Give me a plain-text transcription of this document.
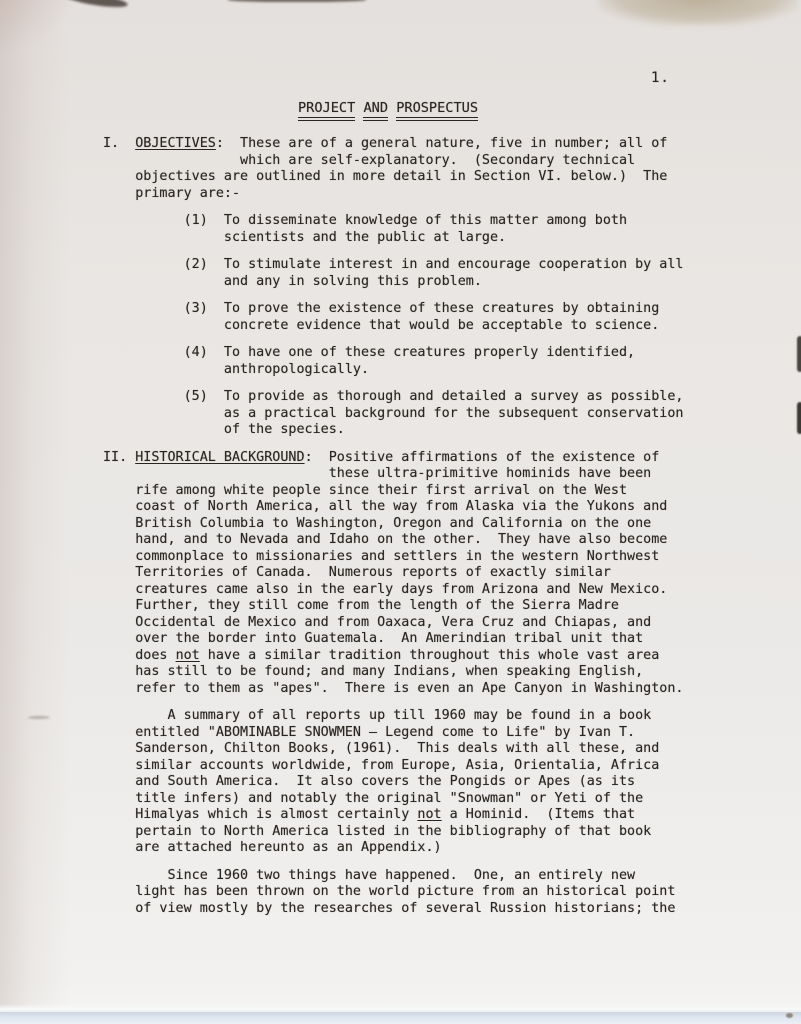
1.
PROJECT AND PROSPECTUS
I.  OBJECTIVES:  These are of a general nature, five in number; all of
which are self-explanatory.  (Secondary technical
objectives are outlined in more detail in Section VI. below.)  The
primary are:-
(1)  To disseminate knowledge of this matter among both
scientists and the public at large.
(2)  To stimulate interest in and encourage cooperation by all
and any in solving this problem.
(3)  To prove the existence of these creatures by obtaining
concrete evidence that would be acceptable to science.
(4)  To have one of these creatures properly identified,
anthropologically.
(5)  To provide as thorough and detailed a survey as possible,
as a practical background for the subsequent conservation
of the species.
II. HISTORICAL BACKGROUND:  Positive affirmations of the existence of
these ultra-primitive hominids have been
rife among white people since their first arrival on the West
coast of North America, all the way from Alaska via the Yukons and
British Columbia to Washington, Oregon and California on the one
hand, and to Nevada and Idaho on the other.  They have also become
commonplace to missionaries and settlers in the western Northwest
Territories of Canada.  Numerous reports of exactly similar
creatures came also in the early days from Arizona and New Mexico.
Further, they still come from the length of the Sierra Madre
Occidental de Mexico and from Oaxaca, Vera Cruz and Chiapas, and
over the border into Guatemala.  An Amerindian tribal unit that
does not have a similar tradition throughout this whole vast area
has still to be found; and many Indians, when speaking English,
refer to them as "apes".  There is even an Ape Canyon in Washington.
A summary of all reports up till 1960 may be found in a book
entitled "ABOMINABLE SNOWMEN — Legend come to Life" by Ivan T.
Sanderson, Chilton Books, (1961).  This deals with all these, and
similar accounts worldwide, from Europe, Asia, Orientalia, Africa
and South America.  It also covers the Pongids or Apes (as its
title infers) and notably the original "Snowman" or Yeti of the
Himalyas which is almost certainly not a Hominid.  (Items that
pertain to North America listed in the bibliography of that book
are attached hereunto as an Appendix.)
Since 1960 two things have happened.  One, an entirely new
light has been thrown on the world picture from an historical point
of view mostly by the researches of several Russion historians; the
